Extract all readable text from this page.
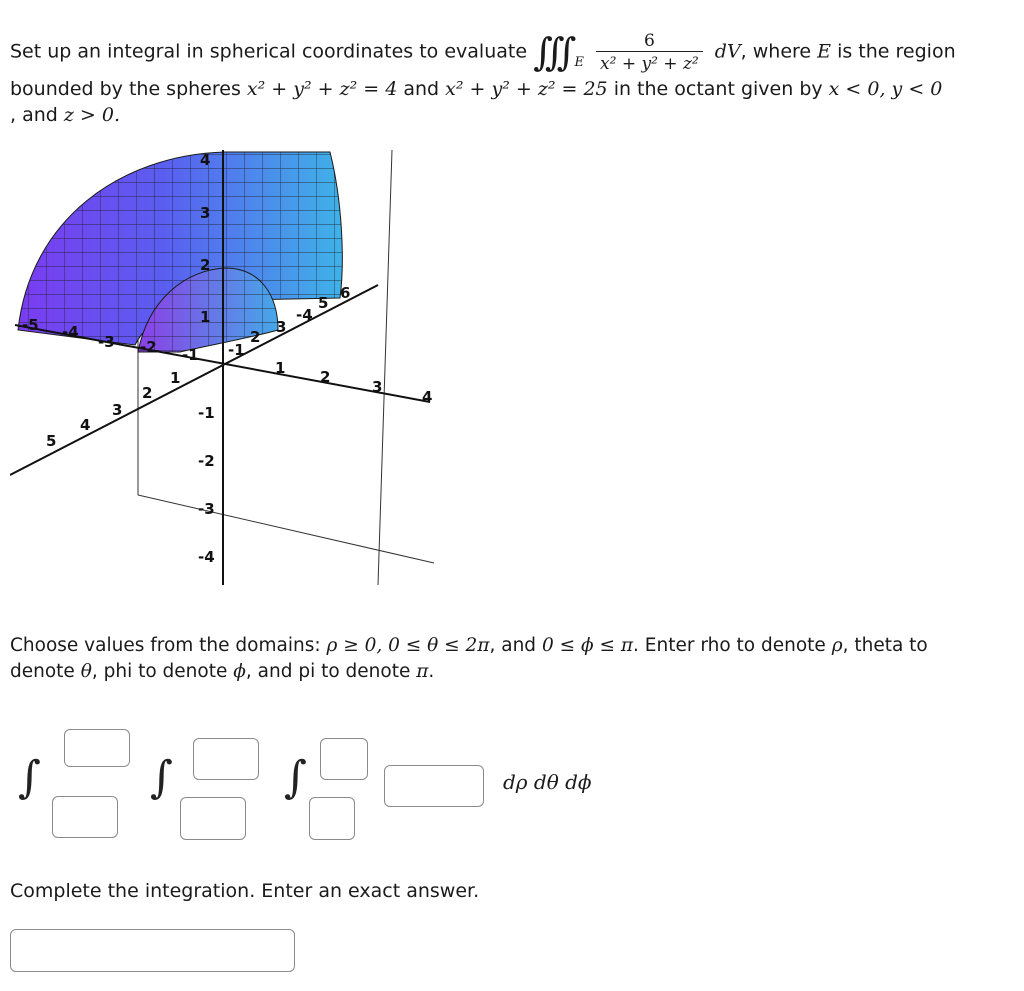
Set up an integral in spherical coordinates to evaluate ∫∫∫ $_E \frac{6}{\text{x² + y² + z²}}$ dV, where E is the region
bounded by the spheres x² + y² + z² = 4 and x² + y² + z² = 25 in the octant given by x < 0, y < 0
, and z > 0.
1 2
3
4
-1
-3
-4
-5
1
2
3
4
5
1
2
3
4
-1
-2
-3
-4
-1
2
3
-4
5
6
-2
Choose values from the domains: ρ ≥ 0, 0 ≤ θ ≤ 2π, and 0 ≤ ϕ ≤ π. Enter rho to denote ρ, theta to
denote θ, phi to denote ϕ, and pi to denote π.
∫ ∫	∫	dρ dθ dϕ
Complete the integration. Enter an exact answer.
